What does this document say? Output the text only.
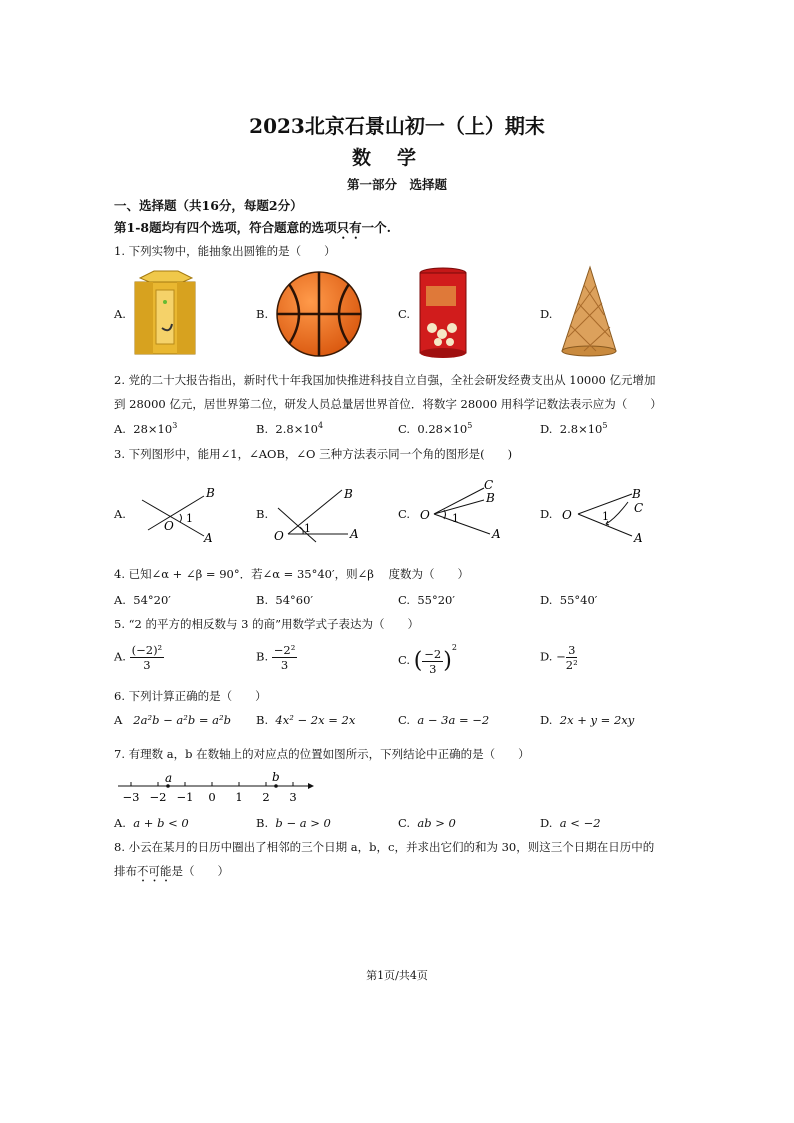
2023北京石景山初一（上）期末
数学
第一部分　选择题
一、选择题（共16分，每题2分）
第1-8题均有四个选项，符合题意的选项只有一个.
1. 下列实物中，能抽象出圆锥的是（　　）
A.	B.	C.	D.
2. 党的二十大报告指出，新时代十年我国加快推进科技自立自强，全社会研发经费支出从 10000 亿元增加
到 28000 亿元，居世界第二位，研发人员总量居世界首位．将数字 28000 用科学记数法表示应为（　　）
A. $28\times 10^3$	B. $2.8\times 10^4$	C. $0.28\times 10^5$	D. $2.8\times 10^5$
3. 下列图形中，能用∠1，∠AOB，∠O 三种方法表示同一个角的图形是(　　)
A.	B.	C.	D.
O
1
B
A	O
1
B
A
O 1
C
B
A
O	1
B
C
A
4. 已知∠α + ∠β = 90°．若∠α = 35°40′，则∠β 度数为（　　）
A. 54°20′	B. 54°60′	C. 55°20′	D. 55°40′
5. “2 的平方的相反数与 3 的商”用数学式子表达为（　　）
A. $\frac{\text{(−2)²}}{3}$	B. $\frac{\text{−2²}}{3}$	C. ( $\frac{-2}{3} )^2$
D. − $\frac{3}{\text{2²}}$
6. 下列计算正确的是（　　）
A 2a²b − a²b = a²b B. 4x² − 2x = 2x	C. a − 3a = −2	D. 2x + y = 2xy
7. 有理数 a，b 在数轴上的对应点的位置如图所示，下列结论中正确的是（　　）
a	b
−3 −2 −1 0 1 2 3
A. a + b < 0	B. b − a > 0	C. ab > 0	D. a < −2
8. 小云在某月的日历中圈出了相邻的三个日期 a，b，c，并求出它们的和为 30，则这三个日期在日历中的
排布不可能是（　　）
第1页/共4页
